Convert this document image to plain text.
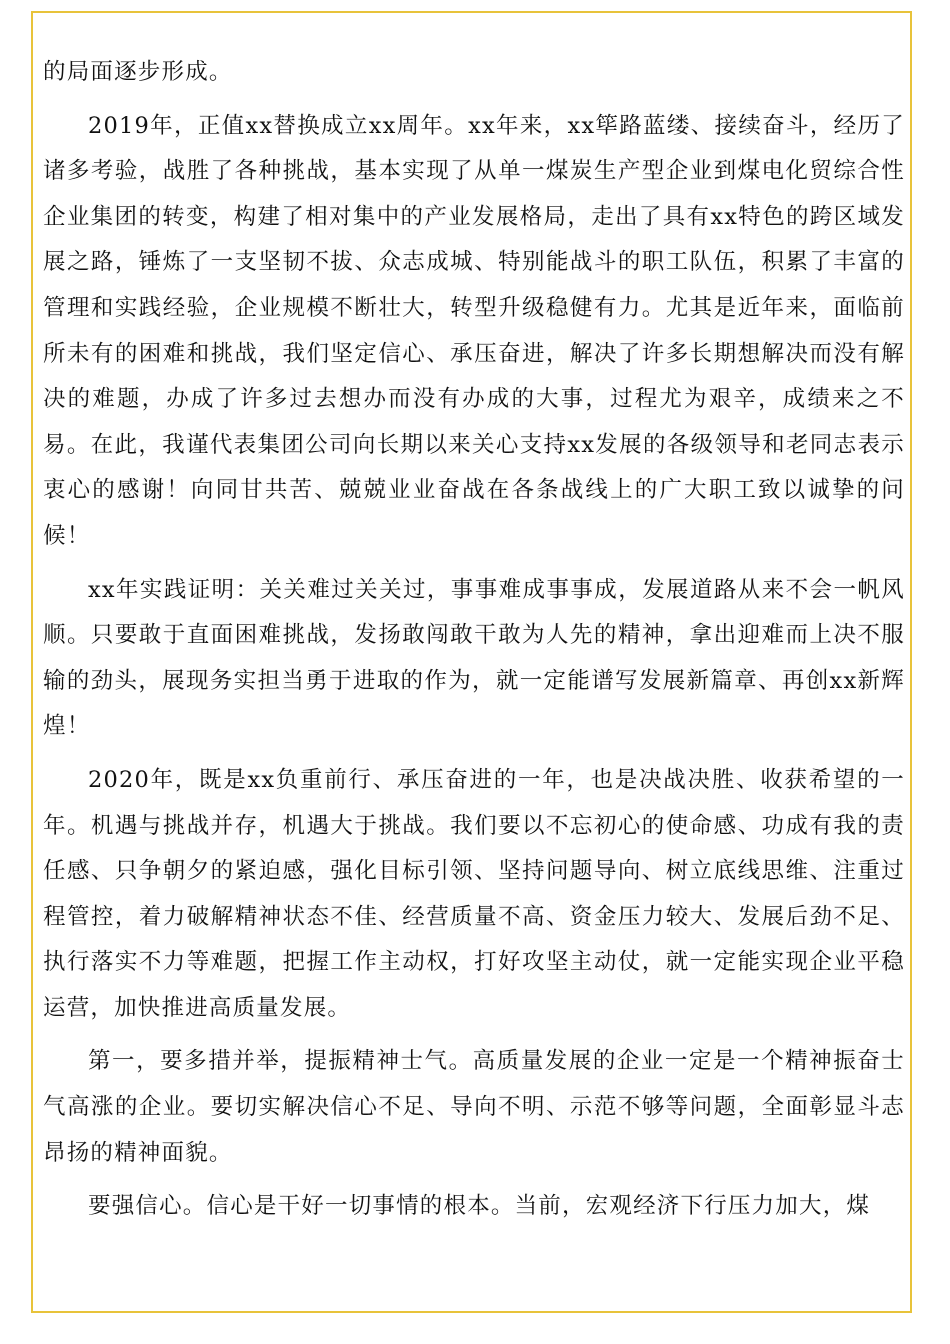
的局面逐步形成。

2019年，正值xx替换成立xx周年。xx年来，xx筚路蓝缕、接续奋斗，经历了诸多考验，战胜了各种挑战，基本实现了从单一煤炭生产型企业到煤电化贸综合性企业集团的转变，构建了相对集中的产业发展格局，走出了具有xx特色的跨区域发展之路，锤炼了一支坚韧不拔、众志成城、特别能战斗的职工队伍，积累了丰富的管理和实践经验，企业规模不断壮大，转型升级稳健有力。尤其是近年来，面临前所未有的困难和挑战，我们坚定信心、承压奋进，解决了许多长期想解决而没有解决的难题，办成了许多过去想办而没有办成的大事，过程尤为艰辛，成绩来之不易。在此，我谨代表集团公司向长期以来关心支持xx发展的各级领导和老同志表示衷心的感谢！向同甘共苦、兢兢业业奋战在各条战线上的广大职工致以诚挚的问候！

xx年实践证明：关关难过关关过，事事难成事事成，发展道路从来不会一帆风顺。只要敢于直面困难挑战，发扬敢闯敢干敢为人先的精神，拿出迎难而上决不服输的劲头，展现务实担当勇于进取的作为，就一定能谱写发展新篇章、再创xx新辉煌！

2020年，既是xx负重前行、承压奋进的一年，也是决战决胜、收获希望的一年。机遇与挑战并存，机遇大于挑战。我们要以不忘初心的使命感、功成有我的责任感、只争朝夕的紧迫感，强化目标引领、坚持问题导向、树立底线思维、注重过程管控，着力破解精神状态不佳、经营质量不高、资金压力较大、发展后劲不足、执行落实不力等难题，把握工作主动权，打好攻坚主动仗，就一定能实现企业平稳运营，加快推进高质量发展。

第一，要多措并举，提振精神士气。高质量发展的企业一定是一个精神振奋士气高涨的企业。要切实解决信心不足、导向不明、示范不够等问题，全面彰显斗志昂扬的精神面貌。

要强信心。信心是干好一切事情的根本。当前，宏观经济下行压力加大，煤
